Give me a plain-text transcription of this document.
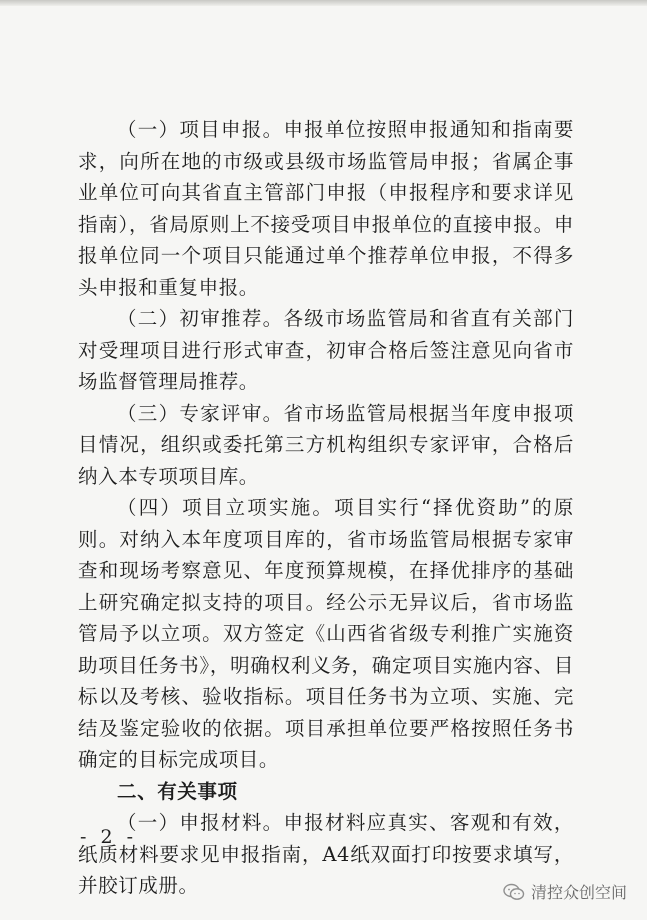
（一）项目申报。申报单位按照申报通知和指南要求，向所在地的市级或县级市场监管局申报；省属企事业单位可向其省直主管部门申报（申报程序和要求详见指南），省局原则上不接受项目申报单位的直接申报。申报单位同一个项目只能通过单个推荐单位申报，不得多头申报和重复申报。

（二）初审推荐。各级市场监管局和省直有关部门对受理项目进行形式审查，初审合格后签注意见向省市场监督管理局推荐。

（三）专家评审。省市场监管局根据当年度申报项目情况，组织或委托第三方机构组织专家评审，合格后纳入本专项项目库。

（四）项目立项实施。项目实行“择优资助”的原则。对纳入本年度项目库的，省市场监管局根据专家审查和现场考察意见、年度预算规模，在择优排序的基础上研究确定拟支持的项目。经公示无异议后，省市场监管局予以立项。双方签定《山西省省级专利推广实施资助项目任务书》，明确权利义务，确定项目实施内容、目标以及考核、验收指标。项目任务书为立项、实施、完结及鉴定验收的依据。项目承担单位要严格按照任务书确定的目标完成项目。

二、有关事项

（一）申报材料。申报材料应真实、客观和有效，纸质材料要求见申报指南，A4纸双面打印按要求填写，并胶订成册。

- 2 -
清控众创空间
